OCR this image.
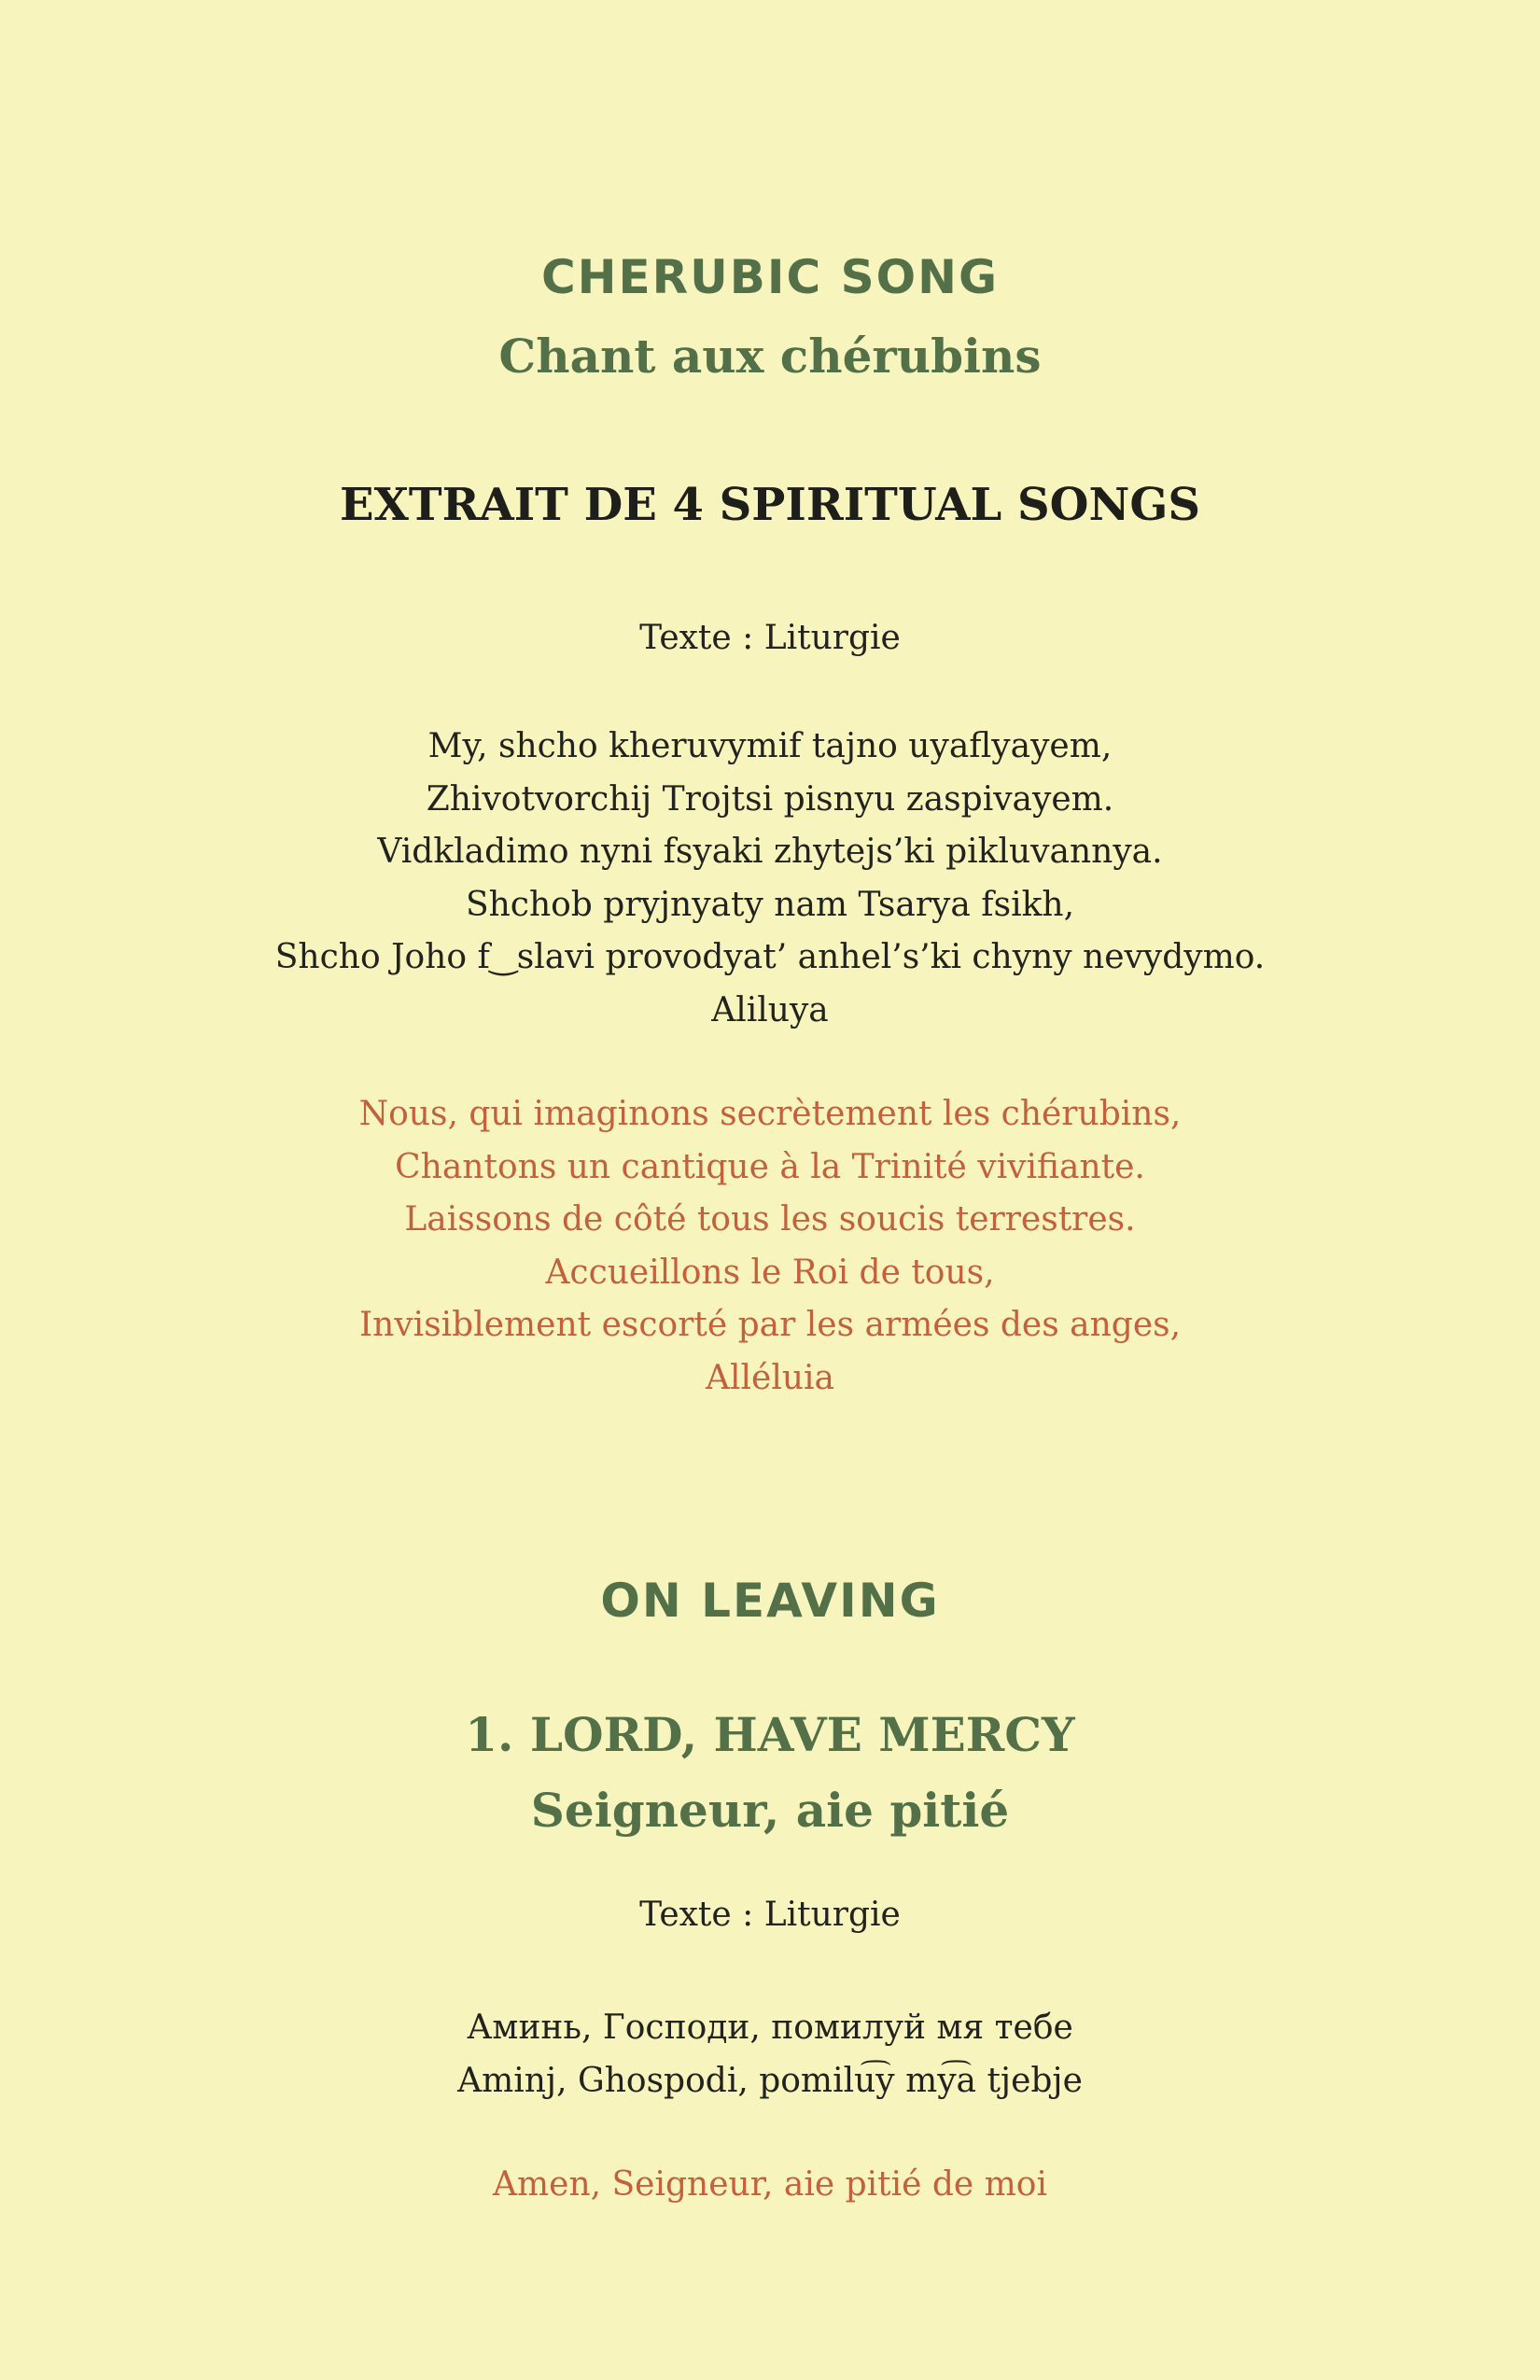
CHERUBIC SONG
Chant aux chérubins
EXTRAIT DE 4 SPIRITUAL SONGS

Texte : Liturgie

My, shcho kheruvymif tajno uyaflyayem,
Zhivotvorchij Trojtsi pisnyu zaspivayem.
Vidkladimo nyni fsyaki zhytejs’ki pikluvannya.
Shchob pryjnyaty nam Tsarya fsikh,
Shcho Joho f‿slavi provodyat’ anhel’s’ki chyny nevydymo.
Aliluya
Nous, qui imaginons secrètement les chérubins,
Chantons un cantique à la Trinité vivifiante.
Laissons de côté tous les soucis terrestres.
Accueillons le Roi de tous,
Invisiblement escorté par les armées des anges,
Alléluia
ON LEAVING
1. LORD, HAVE MERCY
Seigneur, aie pitié

Texte : Liturgie

Аминь, Господи, помилуй мя тебе
Aminj, Ghospodi, pomilu͡y my͡a tjebje
Amen, Seigneur, aie pitié de moi
